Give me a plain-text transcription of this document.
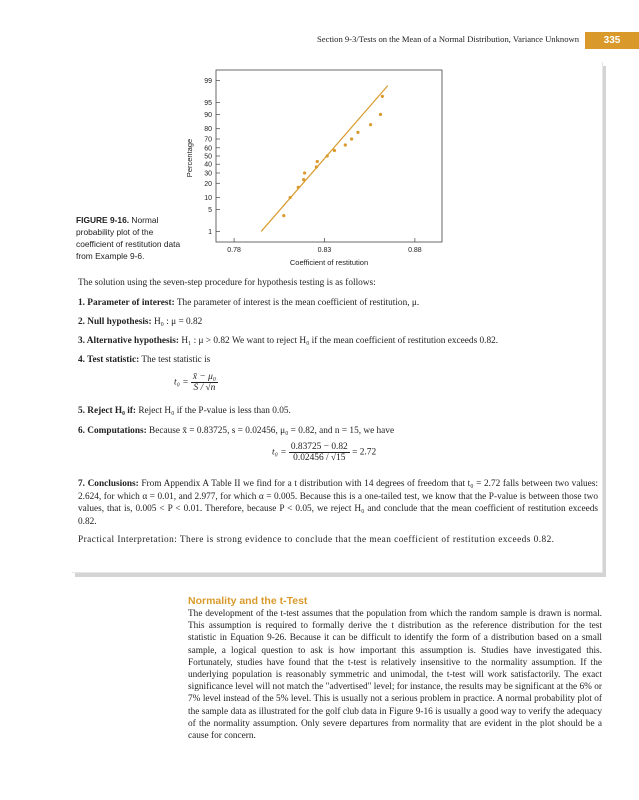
Section 9-3/Tests on the Mean of a Normal Distribution, Variance Unknown	335
FIGURE 9-16. Normal probability plot of the coefficient of restitution data from Example 9-6.
99
95
90
80
70
60
50
40
30
20
10
5
1
0.78	0.83	0.88
Percentage
Coefficient of restitution
The solution using the seven-step procedure for hypothesis testing is as follows:
1. Parameter of interest: The parameter of interest is the mean coefficient of restitution, μ.
2. Null hypothesis: H₀ : μ = 0.82
3. Alternative hypothesis: H₁ : μ > 0.82 We want to reject H₀ if the mean coefficient of restitution exceeds 0.82.
4. Test statistic: The test statistic is
$t_0 = \frac{\text{x̄ − μ₀}}{S / √n}$
5. Reject H₀ if: Reject H₀ if the P-value is less than 0.05.
6. Computations: Because x̄ = 0.83725, s = 0.02456, μ₀ = 0.82, and n = 15, we have
$t_0 = \frac{0.83725 - 0.82}{0.02456 / √15} = 2.72$
7. Conclusions: From Appendix A Table II we find for a t distribution with 14 degrees of freedom that t₀ = 2.72 falls between two values: 2.624, for which α = 0.01, and 2.977, for which α = 0.005. Because this is a one-tailed test, we know that the P-value is between those two values, that is, 0.005 < P < 0.01. Therefore, because P < 0.05, we reject H₀ and conclude that the mean coefficient of restitution exceeds 0.82.
Practical Interpretation: There is strong evidence to conclude that the mean coefficient of restitution exceeds 0.82.
Normality and the t-Test
The development of the t-test assumes that the population from which the random sample is drawn is normal. This assumption is required to formally derive the t distribution as the reference distribution for the test statistic in Equation 9-26. Because it can be difficult to identify the form of a distribution based on a small sample, a logical question to ask is how important this assumption is. Studies have investigated this. Fortunately, studies have found that the t-test is relatively insensitive to the normality assumption. If the underlying population is reasonably symmetric and unimodal, the t-test will work satisfactorily. The exact significance level will not match the "advertised" level; for instance, the results may be significant at the 6% or 7% level instead of the 5% level. This is usually not a serious problem in practice. A normal probability plot of the sample data as illustrated for the golf club data in Figure 9-16 is usually a good way to verify the adequacy of the normality assumption. Only severe departures from normality that are evident in the plot should be a cause for concern.
